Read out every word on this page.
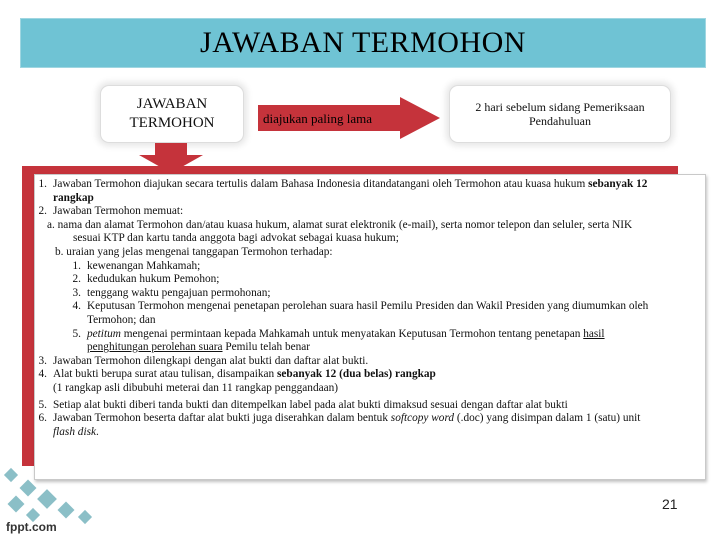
JAWABAN TERMOHON
JAWABAN TERMOHON	diajukan paling lama
2 hari sebelum sidang Pemeriksaan Pendahuluan
1. Jawaban Termohon diajukan secara tertulis dalam Bahasa Indonesia ditandatangani oleh Termohon atau kuasa hukum sebanyak 12
rangkap
2. Jawaban Termohon memuat:
a. nama dan alamat Termohon dan/atau kuasa hukum, alamat surat elektronik (e-mail), serta nomor telepon dan seluler, serta NIK
sesuai KTP dan kartu tanda anggota bagi advokat sebagai kuasa hukum;
b. uraian yang jelas mengenai tanggapan Termohon terhadap:
1. kewenangan Mahkamah;
2. kedudukan hukum Pemohon;
3. tenggang waktu pengajuan permohonan;
4. Keputusan Termohon mengenai penetapan perolehan suara hasil Pemilu Presiden dan Wakil Presiden yang diumumkan oleh
Termohon; dan
5. petitum mengenai permintaan kepada Mahkamah untuk menyatakan Keputusan Termohon tentang penetapan hasil
penghitungan perolehan suara Pemilu telah benar
3. Jawaban Termohon dilengkapi dengan alat bukti dan daftar alat bukti.
4. Alat bukti berupa surat atau tulisan, disampaikan sebanyak 12 (dua belas) rangkap
(1 rangkap asli dibubuhi meterai dan 11 rangkap penggandaan)
5. Setiap alat bukti diberi tanda bukti dan ditempelkan label pada alat bukti dimaksud sesuai dengan daftar alat bukti
6. Jawaban Termohon beserta daftar alat bukti juga diserahkan dalam bentuk softcopy word (.doc) yang disimpan dalam 1 (satu) unit
flash disk.
fppt.com
21
